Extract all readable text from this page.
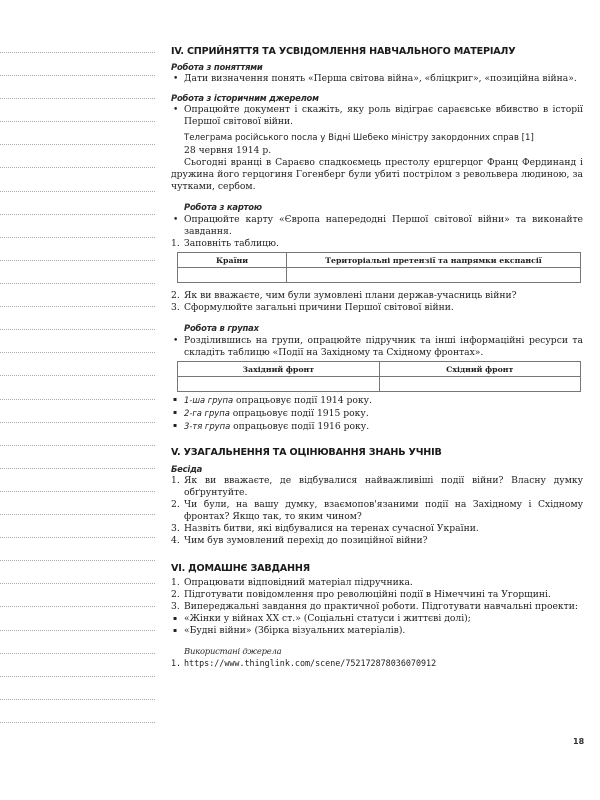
IV. СПРИЙНЯТТЯ ТА УСВІДОМЛЕННЯ НАВЧАЛЬНОГО МАТЕРІАЛУ
Робота з поняттями
• Дати визначення понять «Перша світова війна», «бліцкриг», «позиційна війна».
Робота з історичним джерелом
• Опрацюйте документ і скажіть, яку роль відіграє сараєвське вбивство в історії Першої світової війни.
Телеграма російського посла у Відні Шебеко міністру закордонних справ [1]
28 червня 1914 р.
Сьогодні вранці в Сараєво спадкоємець престолу ерцгерцог Франц Фердинанд і дружина його герцогиня Гогенберг були убиті пострілом з револьвера людиною, за чутками, сербом.
Робота з картою
• Опрацюйте карту «Європа напередодні Першої світової війни» та виконайте завдання.
1. Заповніть таблицю.
Країни	Територіальні претензії та напрямки експансії

2. Як ви вважаєте, чим були зумовлені плани держав-учасниць війни?
3. Сформулюйте загальні причини Першої світової війни.
Робота в групах
• Розділившись на групи, опрацюйте підручник та інші інформаційні ресурси та складіть таблицю «Події на Західному та Східному фронтах».
Західний фронт	Східний фронт

▪ 1-ша група опрацьовує події 1914 року.
▪ 2-га група опрацьовує події 1915 року.
▪ 3-тя група опрацьовує події 1916 року.
V. УЗАГАЛЬНЕННЯ ТА ОЦІНЮВАННЯ ЗНАНЬ УЧНІВ
Бесіда
1. Як ви вважаєте, де відбувалися найважливіші події війни? Власну думку обґрунтуйте.
2. Чи були, на вашу думку, взаємопов'язаними події на Західному і Східному фронтах? Якщо так, то яким чином?
3. Назвіть битви, які відбувалися на теренах сучасної України.
4. Чим був зумовлений перехід до позиційної війни?
VI. ДОМАШНЄ ЗАВДАННЯ
1. Опрацювати відповідний матеріал підручника.
2. Підготувати повідомлення про революційні події в Німеччині та Угорщині.
3. Випереджальні завдання до практичної роботи. Підготувати навчальні проекти:
▪ «Жінки у війнах ХХ ст.» (Соціальні статуси і життєві долі);
▪ «Будні війни» (Збірка візуальних матеріалів).
Використані джерела
1. https://www.thinglink.com/scene/752172878036070912
18
